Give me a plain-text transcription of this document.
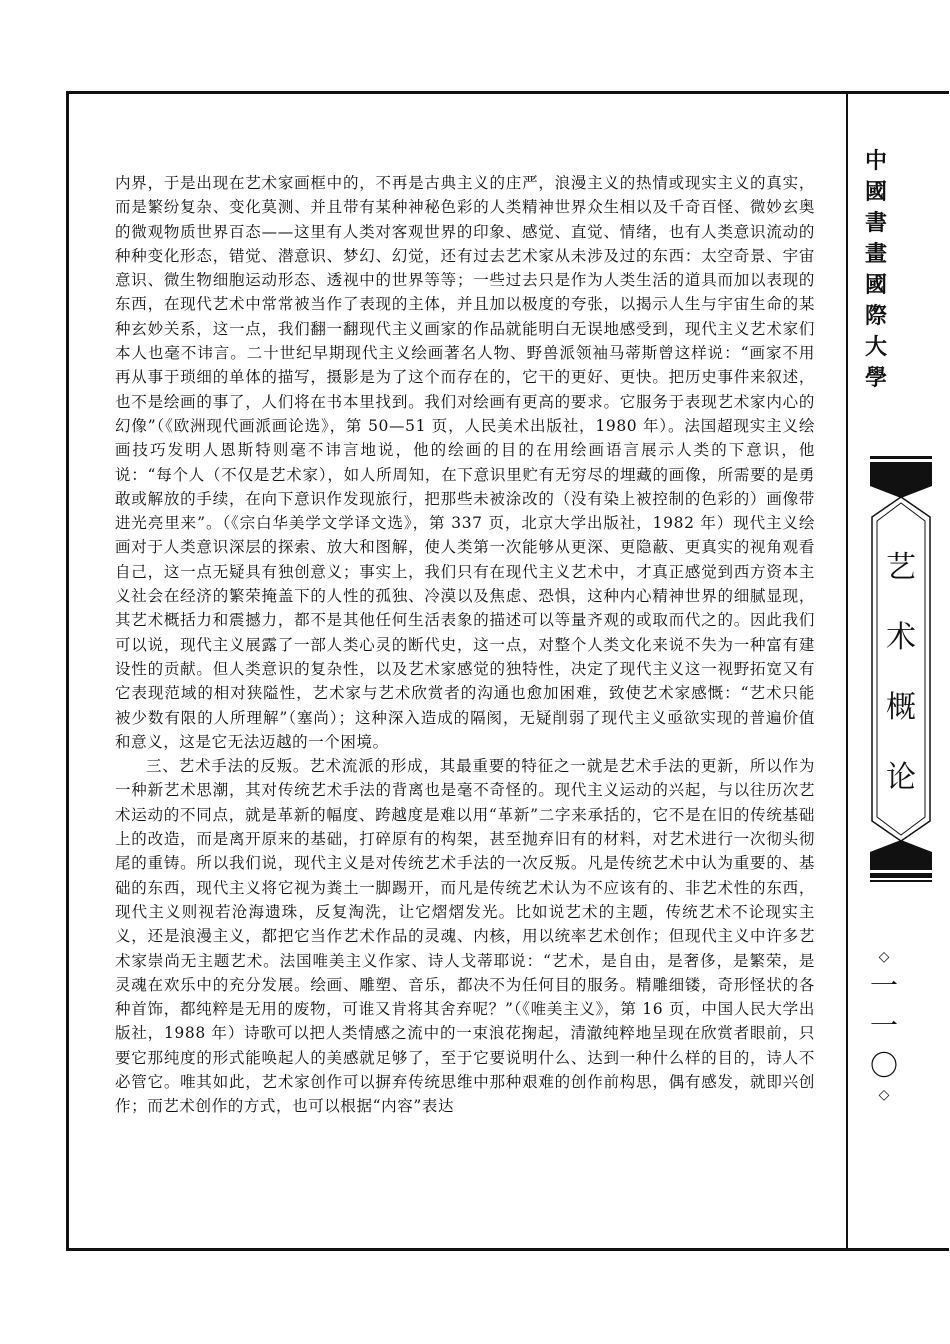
内界，于是出现在艺术家画框中的，不再是古典主义的庄严，浪漫主义的热情或现实主义的真实，而是繁纷复杂、变化莫测、并且带有某种神秘色彩的人类精神世界众生相以及千奇百怪、微妙玄奥的微观物质世界百态——这里有人类对客观世界的印象、感觉、直觉、情绪，也有人类意识流动的种种变化形态，错觉、潜意识、梦幻、幻觉，还有过去艺术家从未涉及过的东西：太空奇景、宇宙意识、微生物细胞运动形态、透视中的世界等等；一些过去只是作为人类生活的道具而加以表现的东西，在现代艺术中常常被当作了表现的主体，并且加以极度的夸张，以揭示人生与宇宙生命的某种玄妙关系，这一点，我们翻一翻现代主义画家的作品就能明白无误地感受到，现代主义艺术家们本人也毫不讳言。二十世纪早期现代主义绘画著名人物、野兽派领袖马蒂斯曾这样说：“画家不用再从事于琐细的单体的描写，摄影是为了这个而存在的，它干的更好、更快。把历史事件来叙述，也不是绘画的事了，人们将在书本里找到。我们对绘画有更高的要求。它服务于表现艺术家内心的幻像”（《欧洲现代画派画论选》，第 50—51 页，人民美术出版社，1980 年）。法国超现实主义绘画技巧发明人恩斯特则毫不讳言地说，他的绘画的目的在用绘画语言展示人类的下意识，他说：“每个人（不仅是艺术家），如人所周知，在下意识里贮有无穷尽的埋藏的画像，所需要的是勇敢或解放的手续，在向下意识作发现旅行，把那些未被涂改的（没有染上被控制的色彩的）画像带进光亮里来”。（《宗白华美学文学译文选》，第 337 页，北京大学出版社，1982 年）现代主义绘画对于人类意识深层的探索、放大和图解，使人类第一次能够从更深、更隐蔽、更真实的视角观看自己，这一点无疑具有独创意义；事实上，我们只有在现代主义艺术中，才真正感觉到西方资本主义社会在经济的繁荣掩盖下的人性的孤独、冷漠以及焦虑、恐惧，这种内心精神世界的细腻显现，其艺术概括力和震撼力，都不是其他任何生活表象的描述可以等量齐观的或取而代之的。因此我们可以说，现代主义展露了一部人类心灵的断代史，这一点，对整个人类文化来说不失为一种富有建设性的贡献。但人类意识的复杂性，以及艺术家感觉的独特性，决定了现代主义这一视野拓宽又有它表现范域的相对狭隘性，艺术家与艺术欣赏者的沟通也愈加困难，致使艺术家感慨：“艺术只能被少数有限的人所理解”（塞尚）；这种深入造成的隔阂，无疑削弱了现代主义亟欲实现的普遍价值和意义，这是它无法迈越的一个困境。

三、艺术手法的反叛。艺术流派的形成，其最重要的特征之一就是艺术手法的更新，所以作为一种新艺术思潮，其对传统艺术手法的背离也是毫不奇怪的。现代主义运动的兴起，与以往历次艺术运动的不同点，就是革新的幅度、跨越度是难以用“革新”二字来承括的，它不是在旧的传统基础上的改造，而是离开原来的基础，打碎原有的构架，甚至抛弃旧有的材料，对艺术进行一次彻头彻尾的重铸。所以我们说，现代主义是对传统艺术手法的一次反叛。凡是传统艺术中认为重要的、基础的东西，现代主义将它视为粪土一脚踢开，而凡是传统艺术认为不应该有的、非艺术性的东西，现代主义则视若沧海遗珠，反复淘洗，让它熠熠发光。比如说艺术的主题，传统艺术不论现实主义，还是浪漫主义，都把它当作艺术作品的灵魂、内核，用以统率艺术创作；但现代主义中许多艺术家崇尚无主题艺术。法国唯美主义作家、诗人戈蒂耶说：“艺术，是自由，是奢侈，是繁荣，是灵魂在欢乐中的充分发展。绘画、雕塑、音乐，都决不为任何目的服务。精雕细镂，奇形怪状的各种首饰，都纯粹是无用的废物，可谁又肯将其舍弃呢？”（《唯美主义》，第 16 页，中国人民大学出版社，1988 年）诗歌可以把人类情感之流中的一束浪花掬起，清澈纯粹地呈现在欣赏者眼前，只要它那纯度的形式能唤起人的美感就足够了，至于它要说明什么、达到一种什么样的目的，诗人不必管它。唯其如此，艺术家创作可以摒弃传统思维中那种艰难的创作前构思，偶有感发，就即兴创作；而艺术创作的方式，也可以根据“内容”表达

中
國
書
畫
國
際
大
學
艺
术
概
论
◇
一
一
〇
◇
